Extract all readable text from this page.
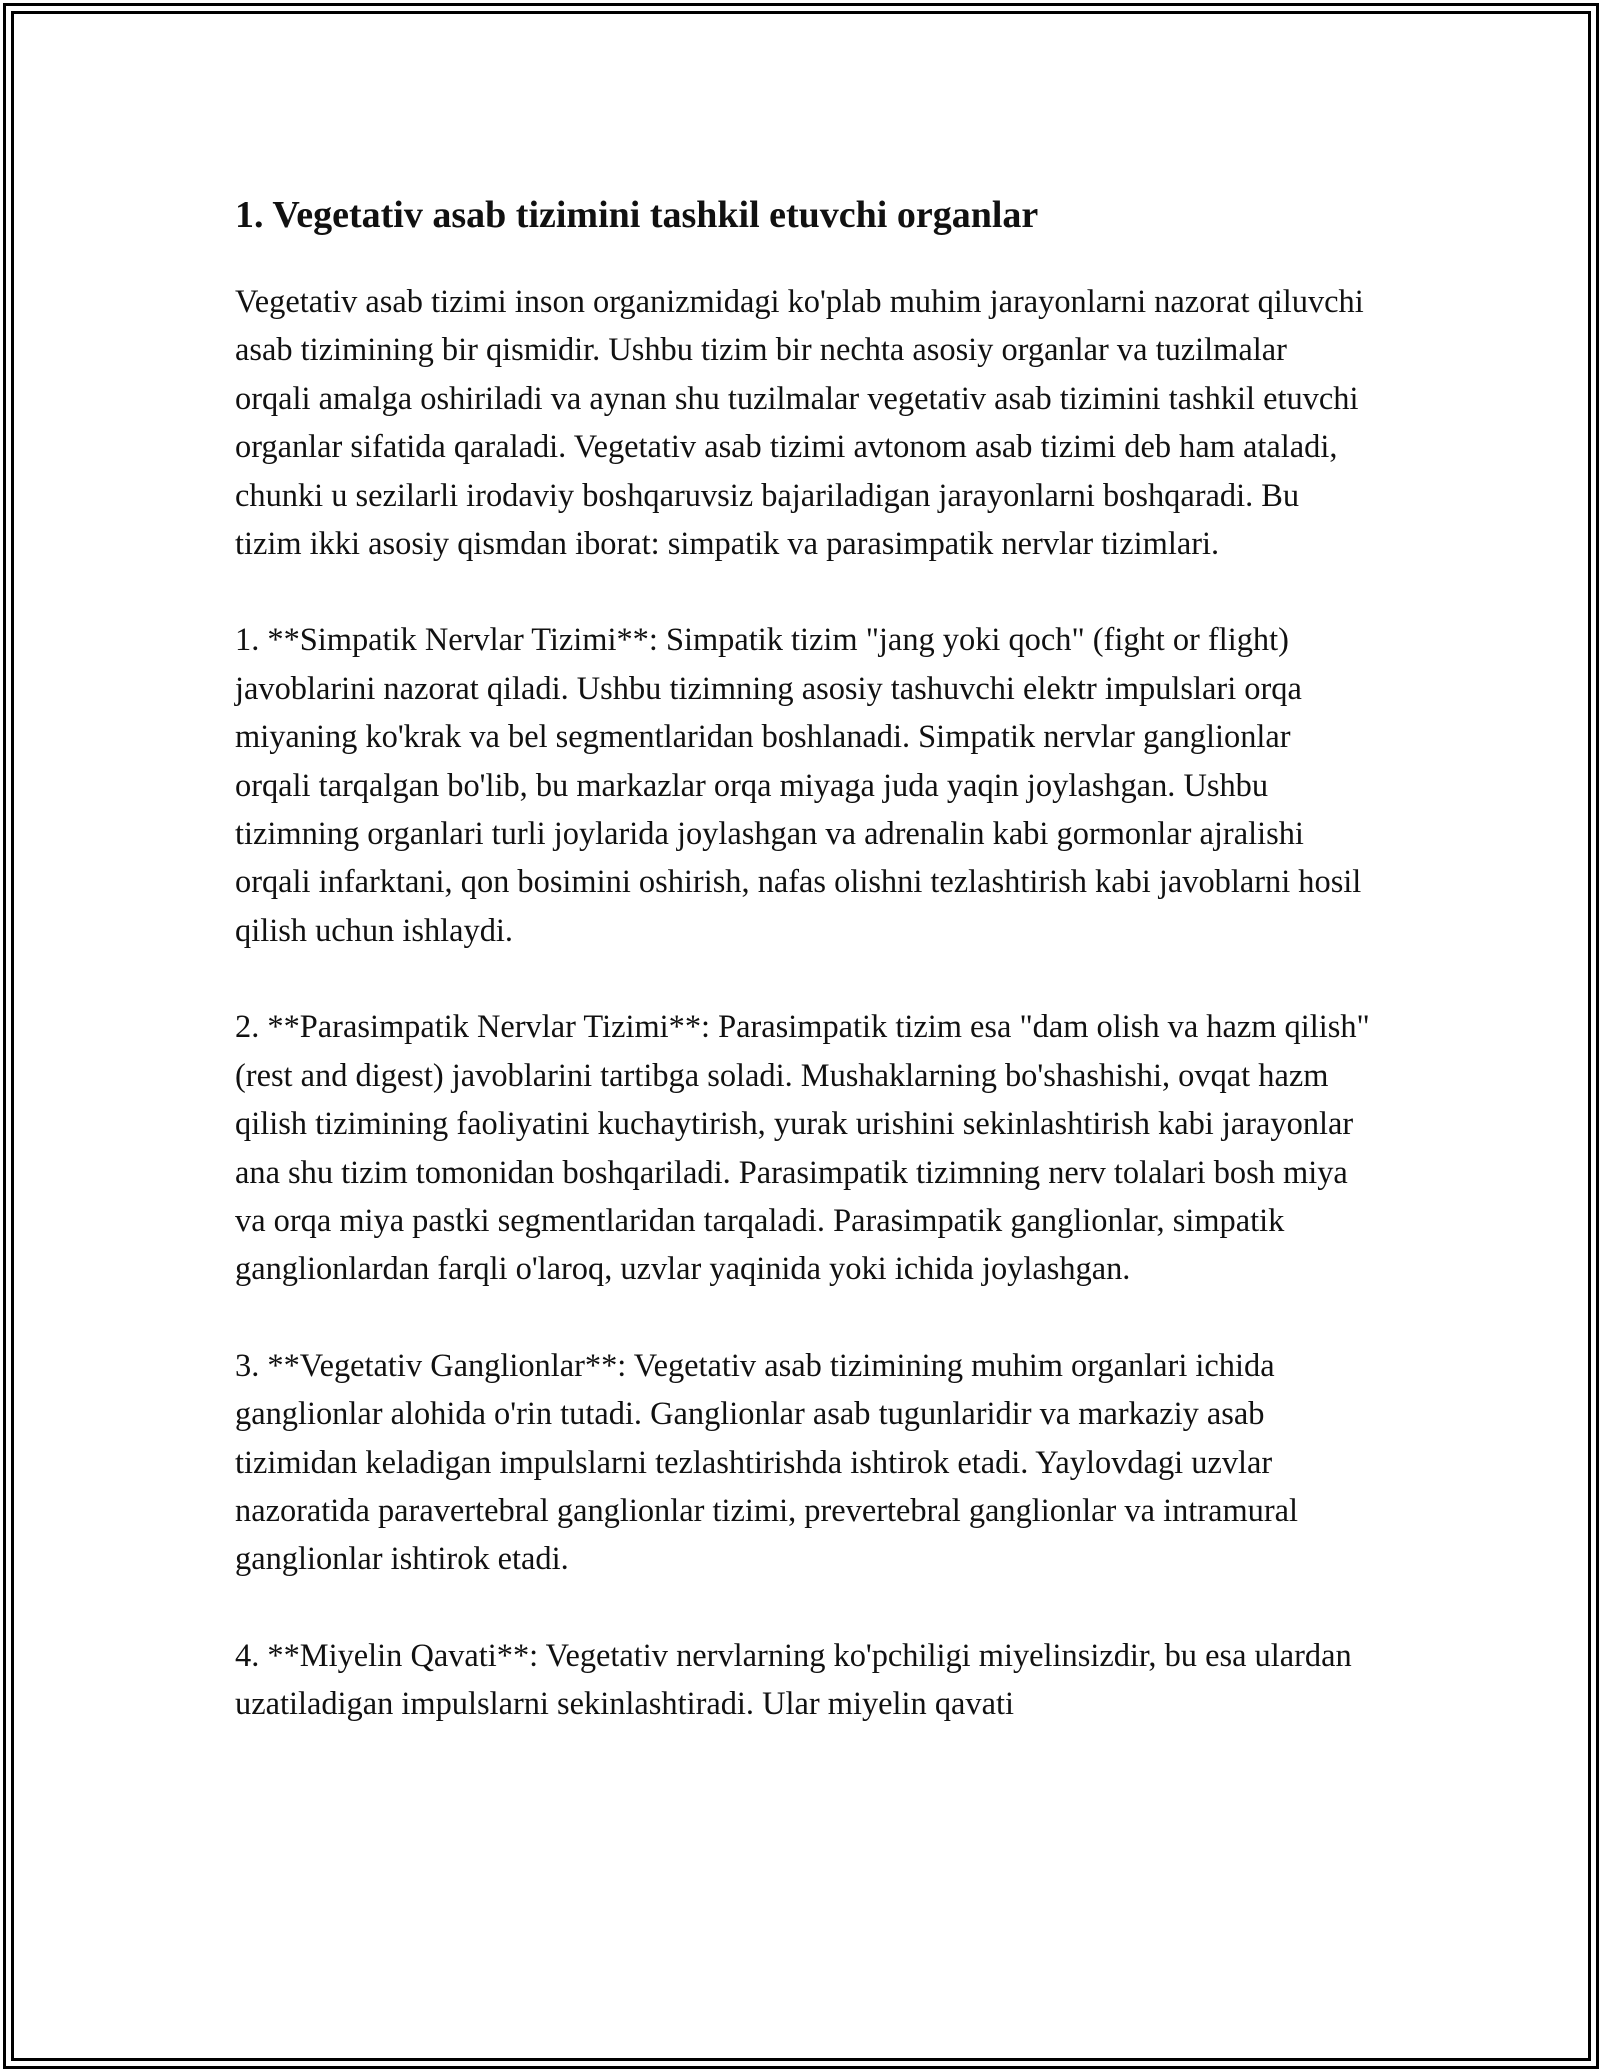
1. Vegetativ asab tizimini tashkil etuvchi organlar

Vegetativ asab tizimi inson organizmidagi ko'plab muhim jarayonlarni nazorat qiluvchi asab tizimining bir qismidir. Ushbu tizim bir nechta asosiy organlar va tuzilmalar orqali amalga oshiriladi va aynan shu tuzilmalar vegetativ asab tizimini tashkil etuvchi organlar sifatida qaraladi. Vegetativ asab tizimi avtonom asab tizimi deb ham ataladi, chunki u sezilarli irodaviy boshqaruvsiz bajariladigan jarayonlarni boshqaradi. Bu tizim ikki asosiy qismdan iborat: simpatik va parasimpatik nervlar tizimlari.

1. **Simpatik Nervlar Tizimi**: Simpatik tizim "jang yoki qoch" (fight or flight) javoblarini nazorat qiladi. Ushbu tizimning asosiy tashuvchi elektr impulslari orqa miyaning ko'krak va bel segmentlaridan boshlanadi. Simpatik nervlar ganglionlar orqali tarqalgan bo'lib, bu markazlar orqa miyaga juda yaqin joylashgan. Ushbu tizimning organlari turli joylarida joylashgan va adrenalin kabi gormonlar ajralishi orqali infarktani, qon bosimini oshirish, nafas olishni tezlashtirish kabi javoblarni hosil qilish uchun ishlaydi.

2. **Parasimpatik Nervlar Tizimi**: Parasimpatik tizim esa "dam olish va hazm qilish" (rest and digest) javoblarini tartibga soladi. Mushaklarning bo'shashishi, ovqat hazm qilish tizimining faoliyatini kuchaytirish, yurak urishini sekinlashtirish kabi jarayonlar ana shu tizim tomonidan boshqariladi. Parasimpatik tizimning nerv tolalari bosh miya va orqa miya pastki segmentlaridan tarqaladi. Parasimpatik ganglionlar, simpatik ganglionlardan farqli o'laroq, uzvlar yaqinida yoki ichida joylashgan.

3. **Vegetativ Ganglionlar**: Vegetativ asab tizimining muhim organlari ichida ganglionlar alohida o'rin tutadi. Ganglionlar asab tugunlaridir va markaziy asab tizimidan keladigan impulslarni tezlashtirishda ishtirok etadi. Yaylovdagi uzvlar nazoratida paravertebral ganglionlar tizimi, prevertebral ganglionlar va intramural ganglionlar ishtirok etadi.

4. **Miyelin Qavati**: Vegetativ nervlarning ko'pchiligi miyelinsizdir, bu esa ulardan uzatiladigan impulslarni sekinlashtiradi. Ular miyelin qavati
